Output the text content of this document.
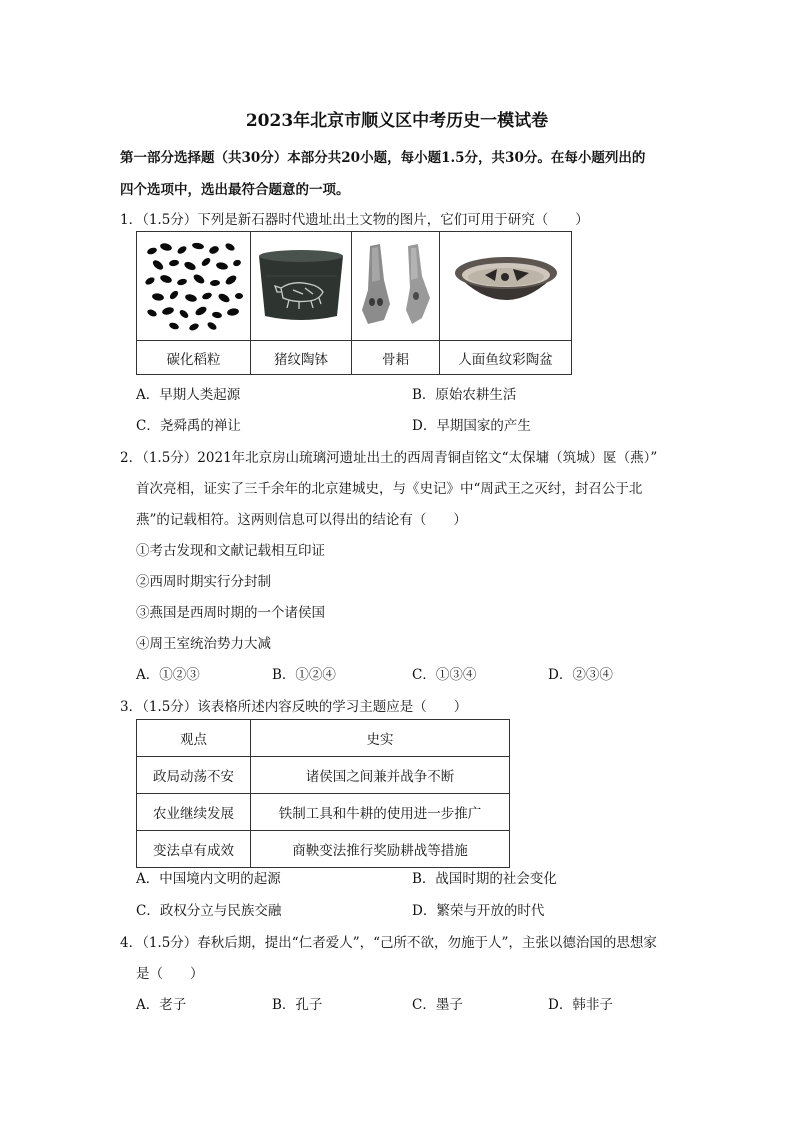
2023年北京市顺义区中考历史一模试卷
第一部分选择题（共30分）本部分共20小题，每小题1.5分，共30分。在每小题列出的
四个选项中，选出最符合题意的一项。
1．（1.5分）下列是新石器时代遗址出土文物的图片，它们可用于研究（　　）

碳化稻粒	猪纹陶钵	骨耜	人面鱼纹彩陶盆
A．早期人类起源	B．原始农耕生活
C．尧舜禹的禅让	D．早期国家的产生
2．（1.5分）2021年北京房山琉璃河遗址出土的西周青铜卣铭文“太保墉（筑城）匽（燕）”
首次亮相，证实了三千余年的北京建城史，与《史记》中“周武王之灭纣，封召公于北
燕”的记载相符。这两则信息可以得出的结论有（　　）
①考古发现和文献记载相互印证
②西周时期实行分封制
③燕国是西周时期的一个诸侯国
④周王室统治势力大减
A．①②③	B．①②④	C．①③④	D．②③④
3．（1.5分）该表格所述内容反映的学习主题应是（　　）
观点	史实
政局动荡不安	诸侯国之间兼并战争不断
农业继续发展	铁制工具和牛耕的使用进一步推广
变法卓有成效	商鞅变法推行奖励耕战等措施
A．中国境内文明的起源	B．战国时期的社会变化
C．政权分立与民族交融	D．繁荣与开放的时代
4．（1.5分）春秋后期，提出“仁者爱人”，“己所不欲，勿施于人”，主张以德治国的思想家
是（　　）
A．老子	B．孔子	C．墨子	D．韩非子
